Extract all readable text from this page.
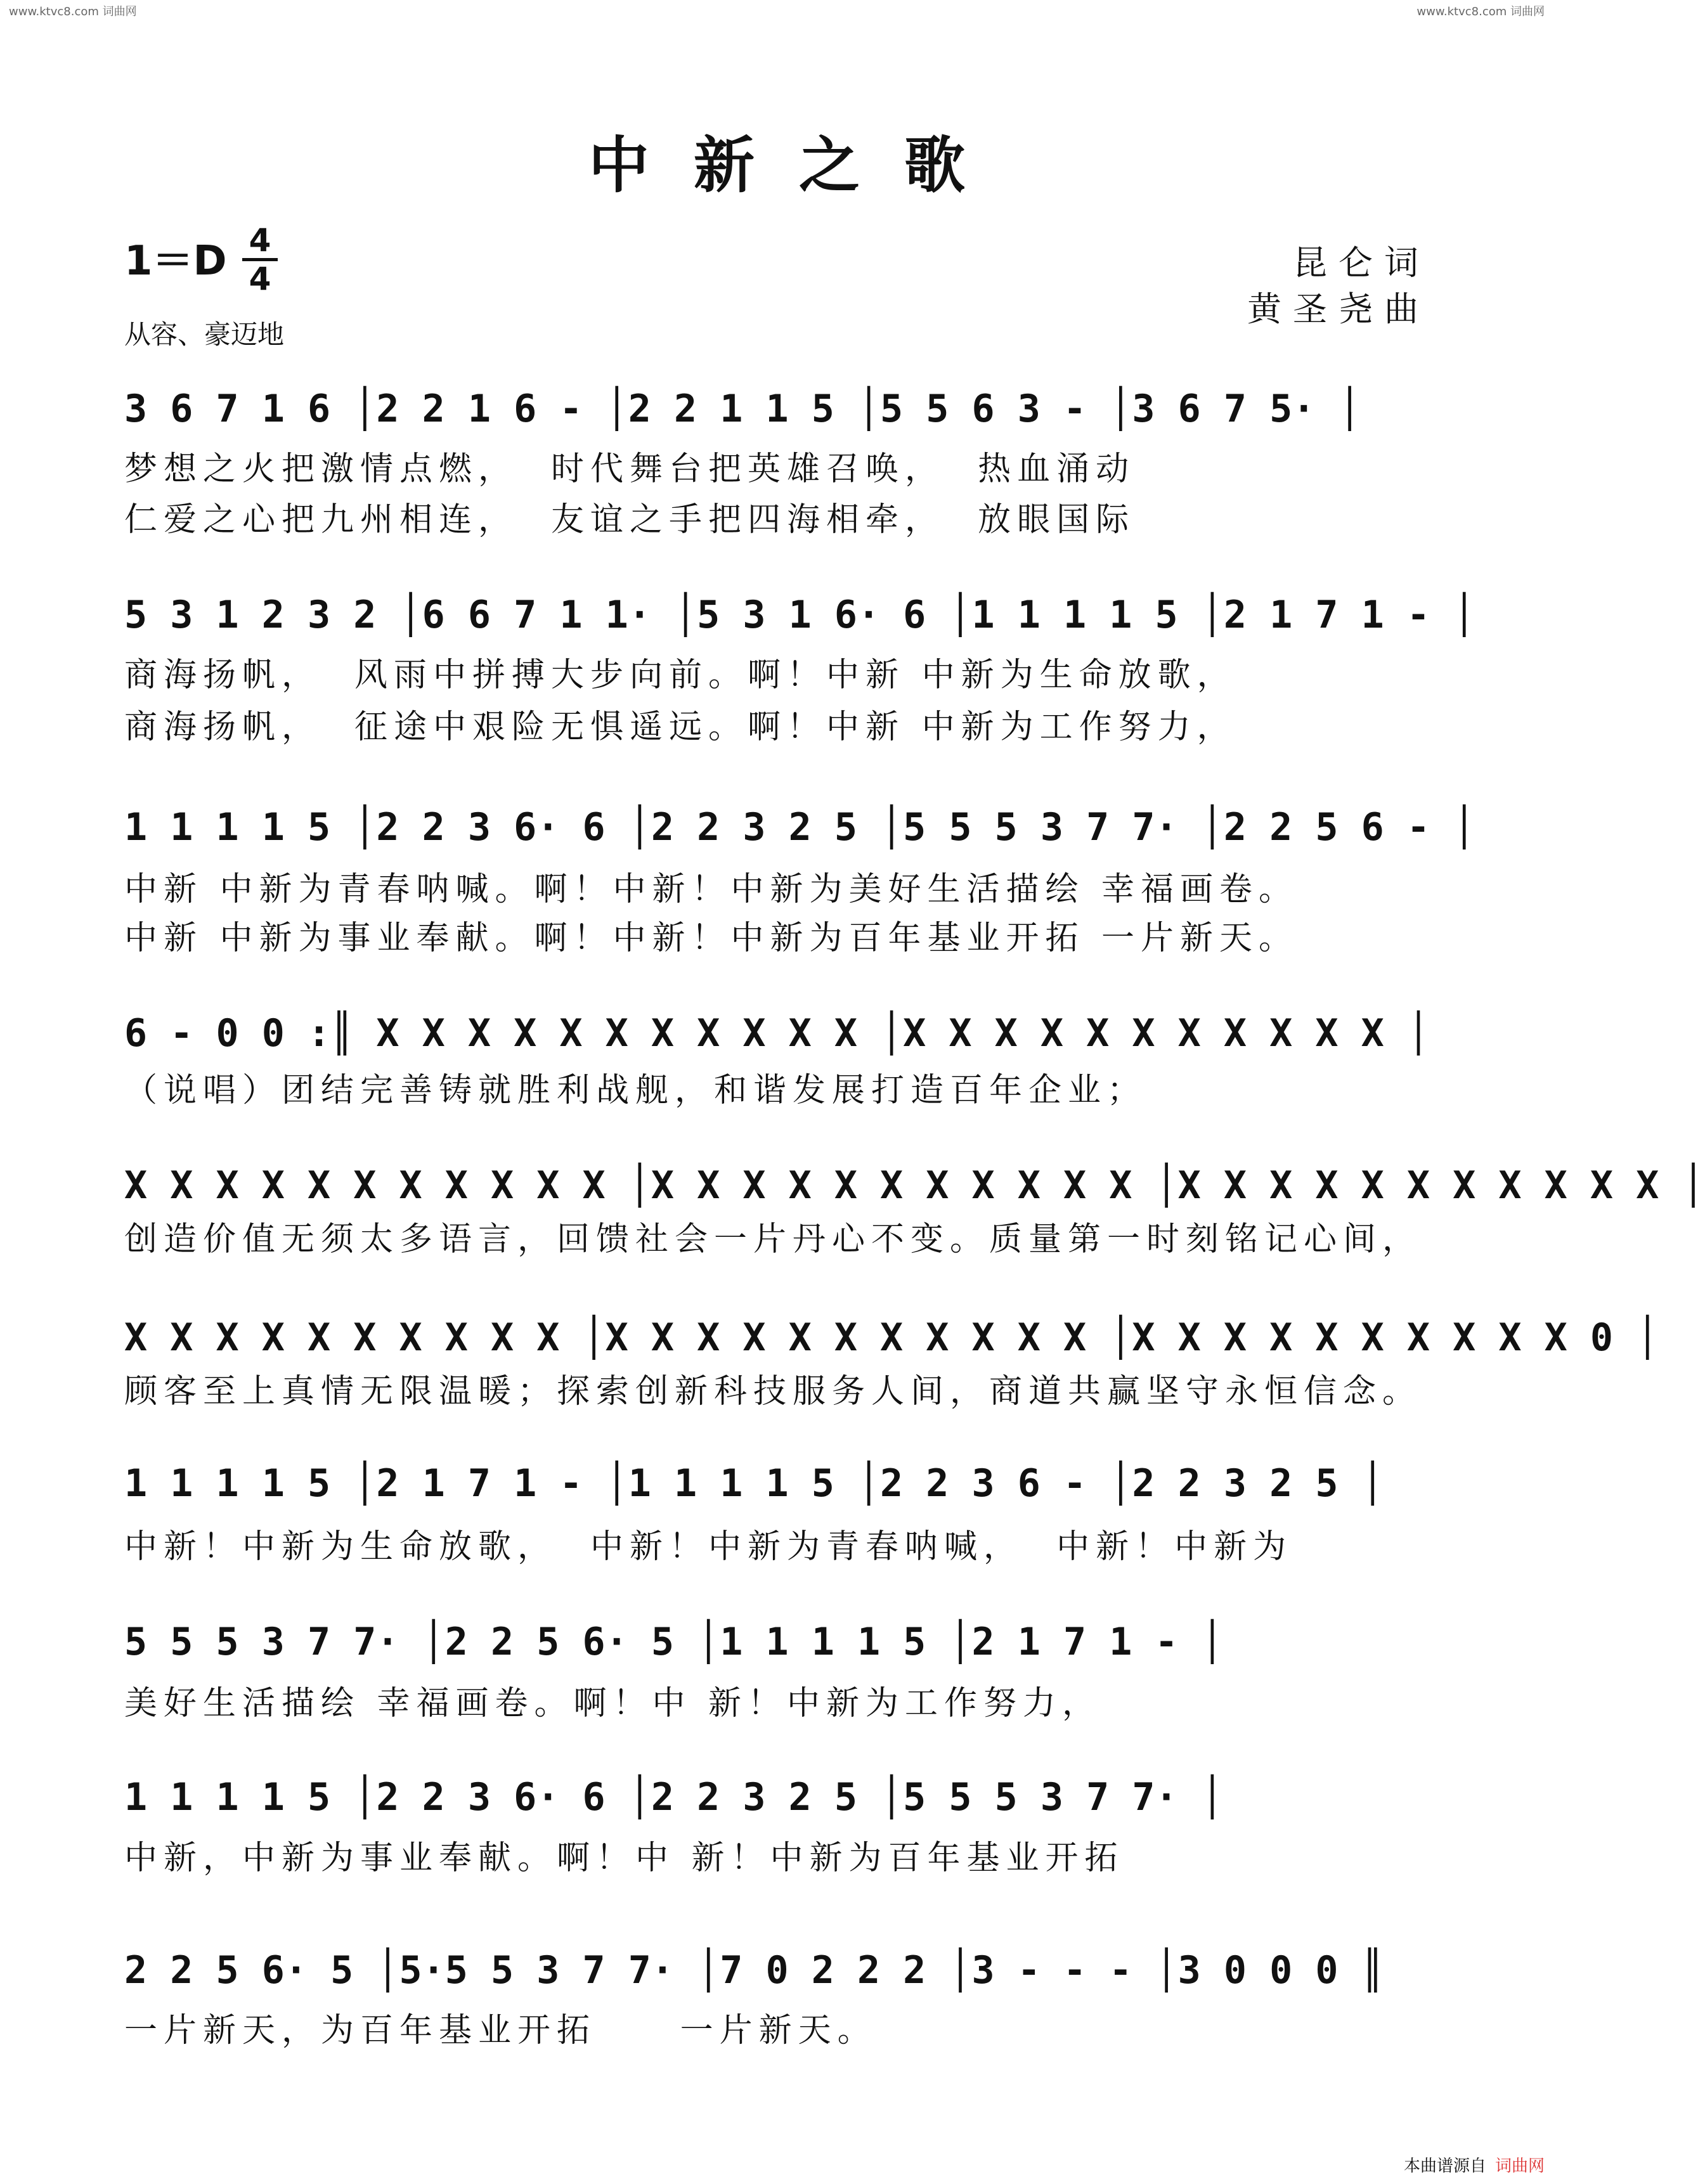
www.ktvc8.com 词曲网	www.ktvc8.com 词曲网
中新之歌
1＝D 4
4
从容、豪迈地
昆仑词
黄圣尧曲
3 6 7 1 6 │2 2 1 6 - │2 2 1 1 5 │5 5 6 3 - │3 6 7 5· │
梦想之火把激情点燃，  时代舞台把英雄召唤，  热血涌动
仁爱之心把九州相连，  友谊之手把四海相牵，  放眼国际
5 3 1 2 3 2 │6 6 7 1 1· │5 3 1 6· 6 │1 1 1 1 5 │2 1 7 1 - │
商海扬帆，  风雨中拼搏大步向前。啊！中新 中新为生命放歌，
商海扬帆，  征途中艰险无惧遥远。啊！中新 中新为工作努力，
1 1 1 1 5 │2 2 3 6· 6 │2 2 3 2 5 │5 5 5 3 7 7· │2 2 5 6 - │
中新 中新为青春呐喊。啊！中新！中新为美好生活描绘 幸福画卷。
中新 中新为事业奉献。啊！中新！中新为百年基业开拓 一片新天。
6 - 0 0 :║ X X X X X X X X X X X │X X X X X X X X X X X │
（说唱）团结完善铸就胜利战舰，和谐发展打造百年企业；
X X X X X X X X X X X │X X X X X X X X X X X │X X X X X X X X X X X │
创造价值无须太多语言，回馈社会一片丹心不变。质量第一时刻铭记心间，
X X X X X X X X X X │X X X X X X X X X X X │X X X X X X X X X X 0 │
顾客至上真情无限温暖；探索创新科技服务人间，商道共赢坚守永恒信念。
1 1 1 1 5 │2 1 7 1 - │1 1 1 1 5 │2 2 3 6 - │2 2 3 2 5 │
中新！中新为生命放歌，  中新！中新为青春呐喊，  中新！中新为
5 5 5 3 7 7· │2 2 5 6· 5 │1 1 1 1 5 │2 1 7 1 - │
美好生活描绘 幸福画卷。啊！中 新！中新为工作努力，
1 1 1 1 5 │2 2 3 6· 6 │2 2 3 2 5 │5 5 5 3 7 7· │
中新，中新为事业奉献。啊！中 新！中新为百年基业开拓
2 2 5 6· 5 │5·5 5 3 7 7· │7 0 2 2 2 │3 - - - │3 0 0 0 ║
一片新天，为百年基业开拓     一片新天。
本曲谱源自 词曲网
